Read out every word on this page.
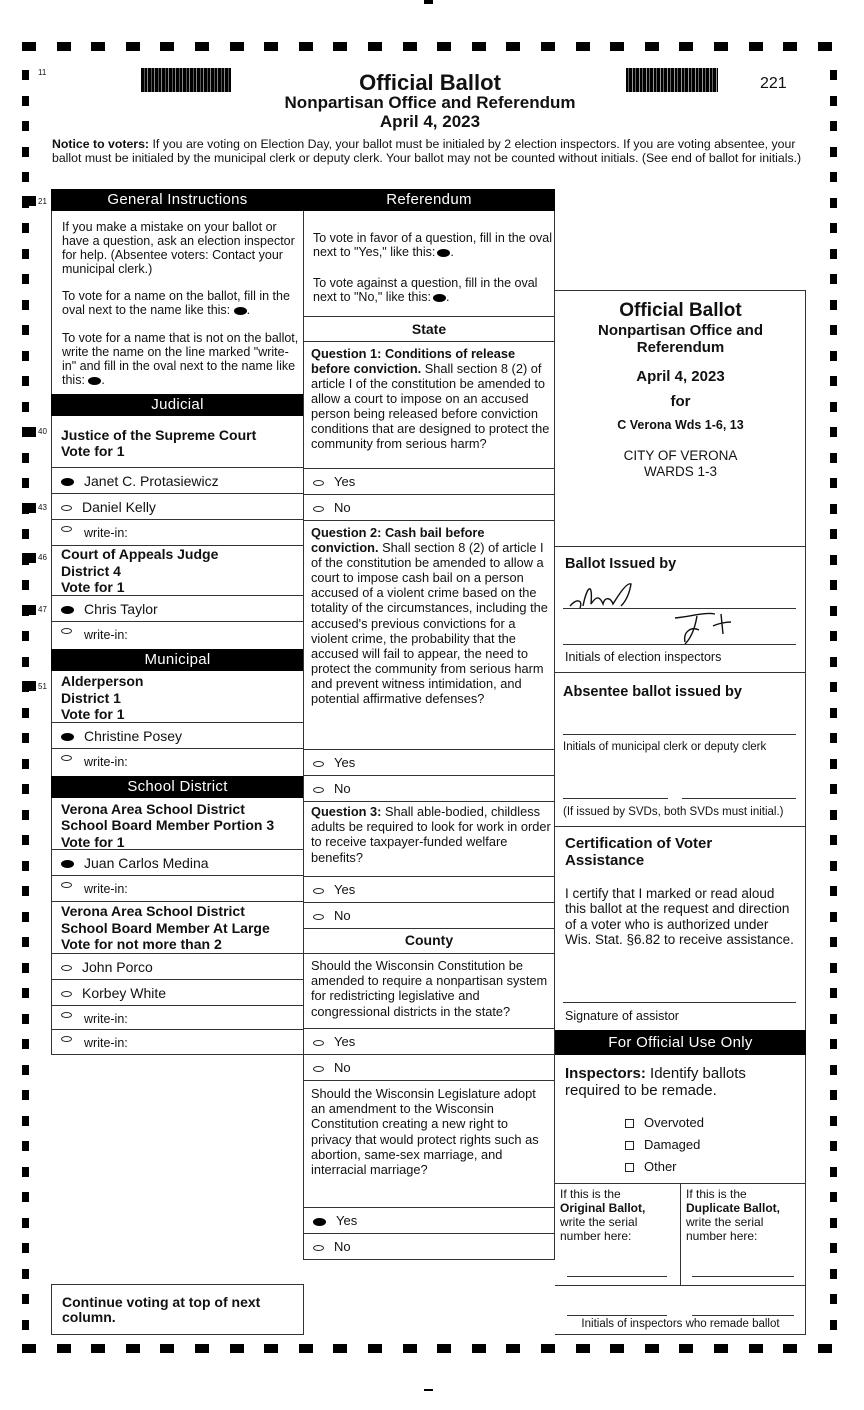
11
21
40
43
46
47
51
Official Ballot
Nonpartisan Office and Referendum
April 4, 2023
221
Notice to voters: If you are voting on Election Day, your ballot must be initialed by 2 election inspectors. If you are voting absentee, your ballot must be initialed by the municipal clerk or deputy clerk. Your ballot may not be counted without initials. (See end of ballot for initials.)
General Instructions
If you make a mistake on your ballot or have a question, ask an election inspector for help. (Absentee voters: Contact your municipal clerk.)
To vote for a name on the ballot, fill in the oval next to the name like this: .
To vote for a name that is not on the ballot, write the name on the line marked "write-in" and fill in the oval next to the name like this: .
Judicial
Justice of the Supreme Court
Vote for 1
Janet C. Protasiewicz
Daniel Kelly
write-in:
Court of Appeals Judge
District 4
Vote for 1
Chris Taylor
write-in:
Municipal
Alderperson
District 1
Vote for 1
Christine Posey
write-in:
School District
Verona Area School District
School Board Member Portion 3
Vote for 1
Juan Carlos Medina
write-in:
Verona Area School District
School Board Member At Large
Vote for not more than 2
John Porco
Korbey White
write-in:
write-in:
Continue voting at top of next column.
Referendum
To vote in favor of a question, fill in the oval next to "Yes," like this: .
To vote against a question, fill in the oval next to "No," like this: .
State
Question 1: Conditions of release before conviction. Shall section 8 (2) of article I of the constitution be amended to allow a court to impose on an accused person being released before conviction conditions that are designed to protect the community from serious harm?
Yes
No
Question 2: Cash bail before conviction. Shall section 8 (2) of article I of the constitution be amended to allow a court to impose cash bail on a person accused of a violent crime based on the totality of the circumstances, including the accused's previous convictions for a violent crime, the probability that the accused will fail to appear, the need to protect the community from serious harm and prevent witness intimidation, and potential affirmative defenses?
Yes
No
Question 3: Shall able-bodied, childless adults be required to look for work in order to receive taxpayer-funded welfare benefits?
Yes
No
County
Should the Wisconsin Constitution be amended to require a nonpartisan system for redistricting legislative and congressional districts in the state?
Yes
No
Should the Wisconsin Legislature adopt an amendment to the Wisconsin Constitution creating a new right to privacy that would protect rights such as abortion, same-sex marriage, and interracial marriage?
Yes
No
Official Ballot
Nonpartisan Office and Referendum
April 4, 2023
for
C Verona Wds 1-6, 13
CITY OF VERONA
WARDS 1-3
Ballot Issued by
Initials of election inspectors
Absentee ballot issued by
Initials of municipal clerk or deputy clerk
(If issued by SVDs, both SVDs must initial.)
Certification of Voter Assistance
I certify that I marked or read aloud this ballot at the request and direction of a voter who is authorized under Wis. Stat. §6.82 to receive assistance.
Signature of assistor
For Official Use Only
Inspectors: Identify ballots required to be remade.
Overvoted
Damaged
Other
If this is the
Original Ballot,
write the serial number here:
If this is the
Duplicate Ballot,
write the serial number here:
Initials of inspectors who remade ballot
